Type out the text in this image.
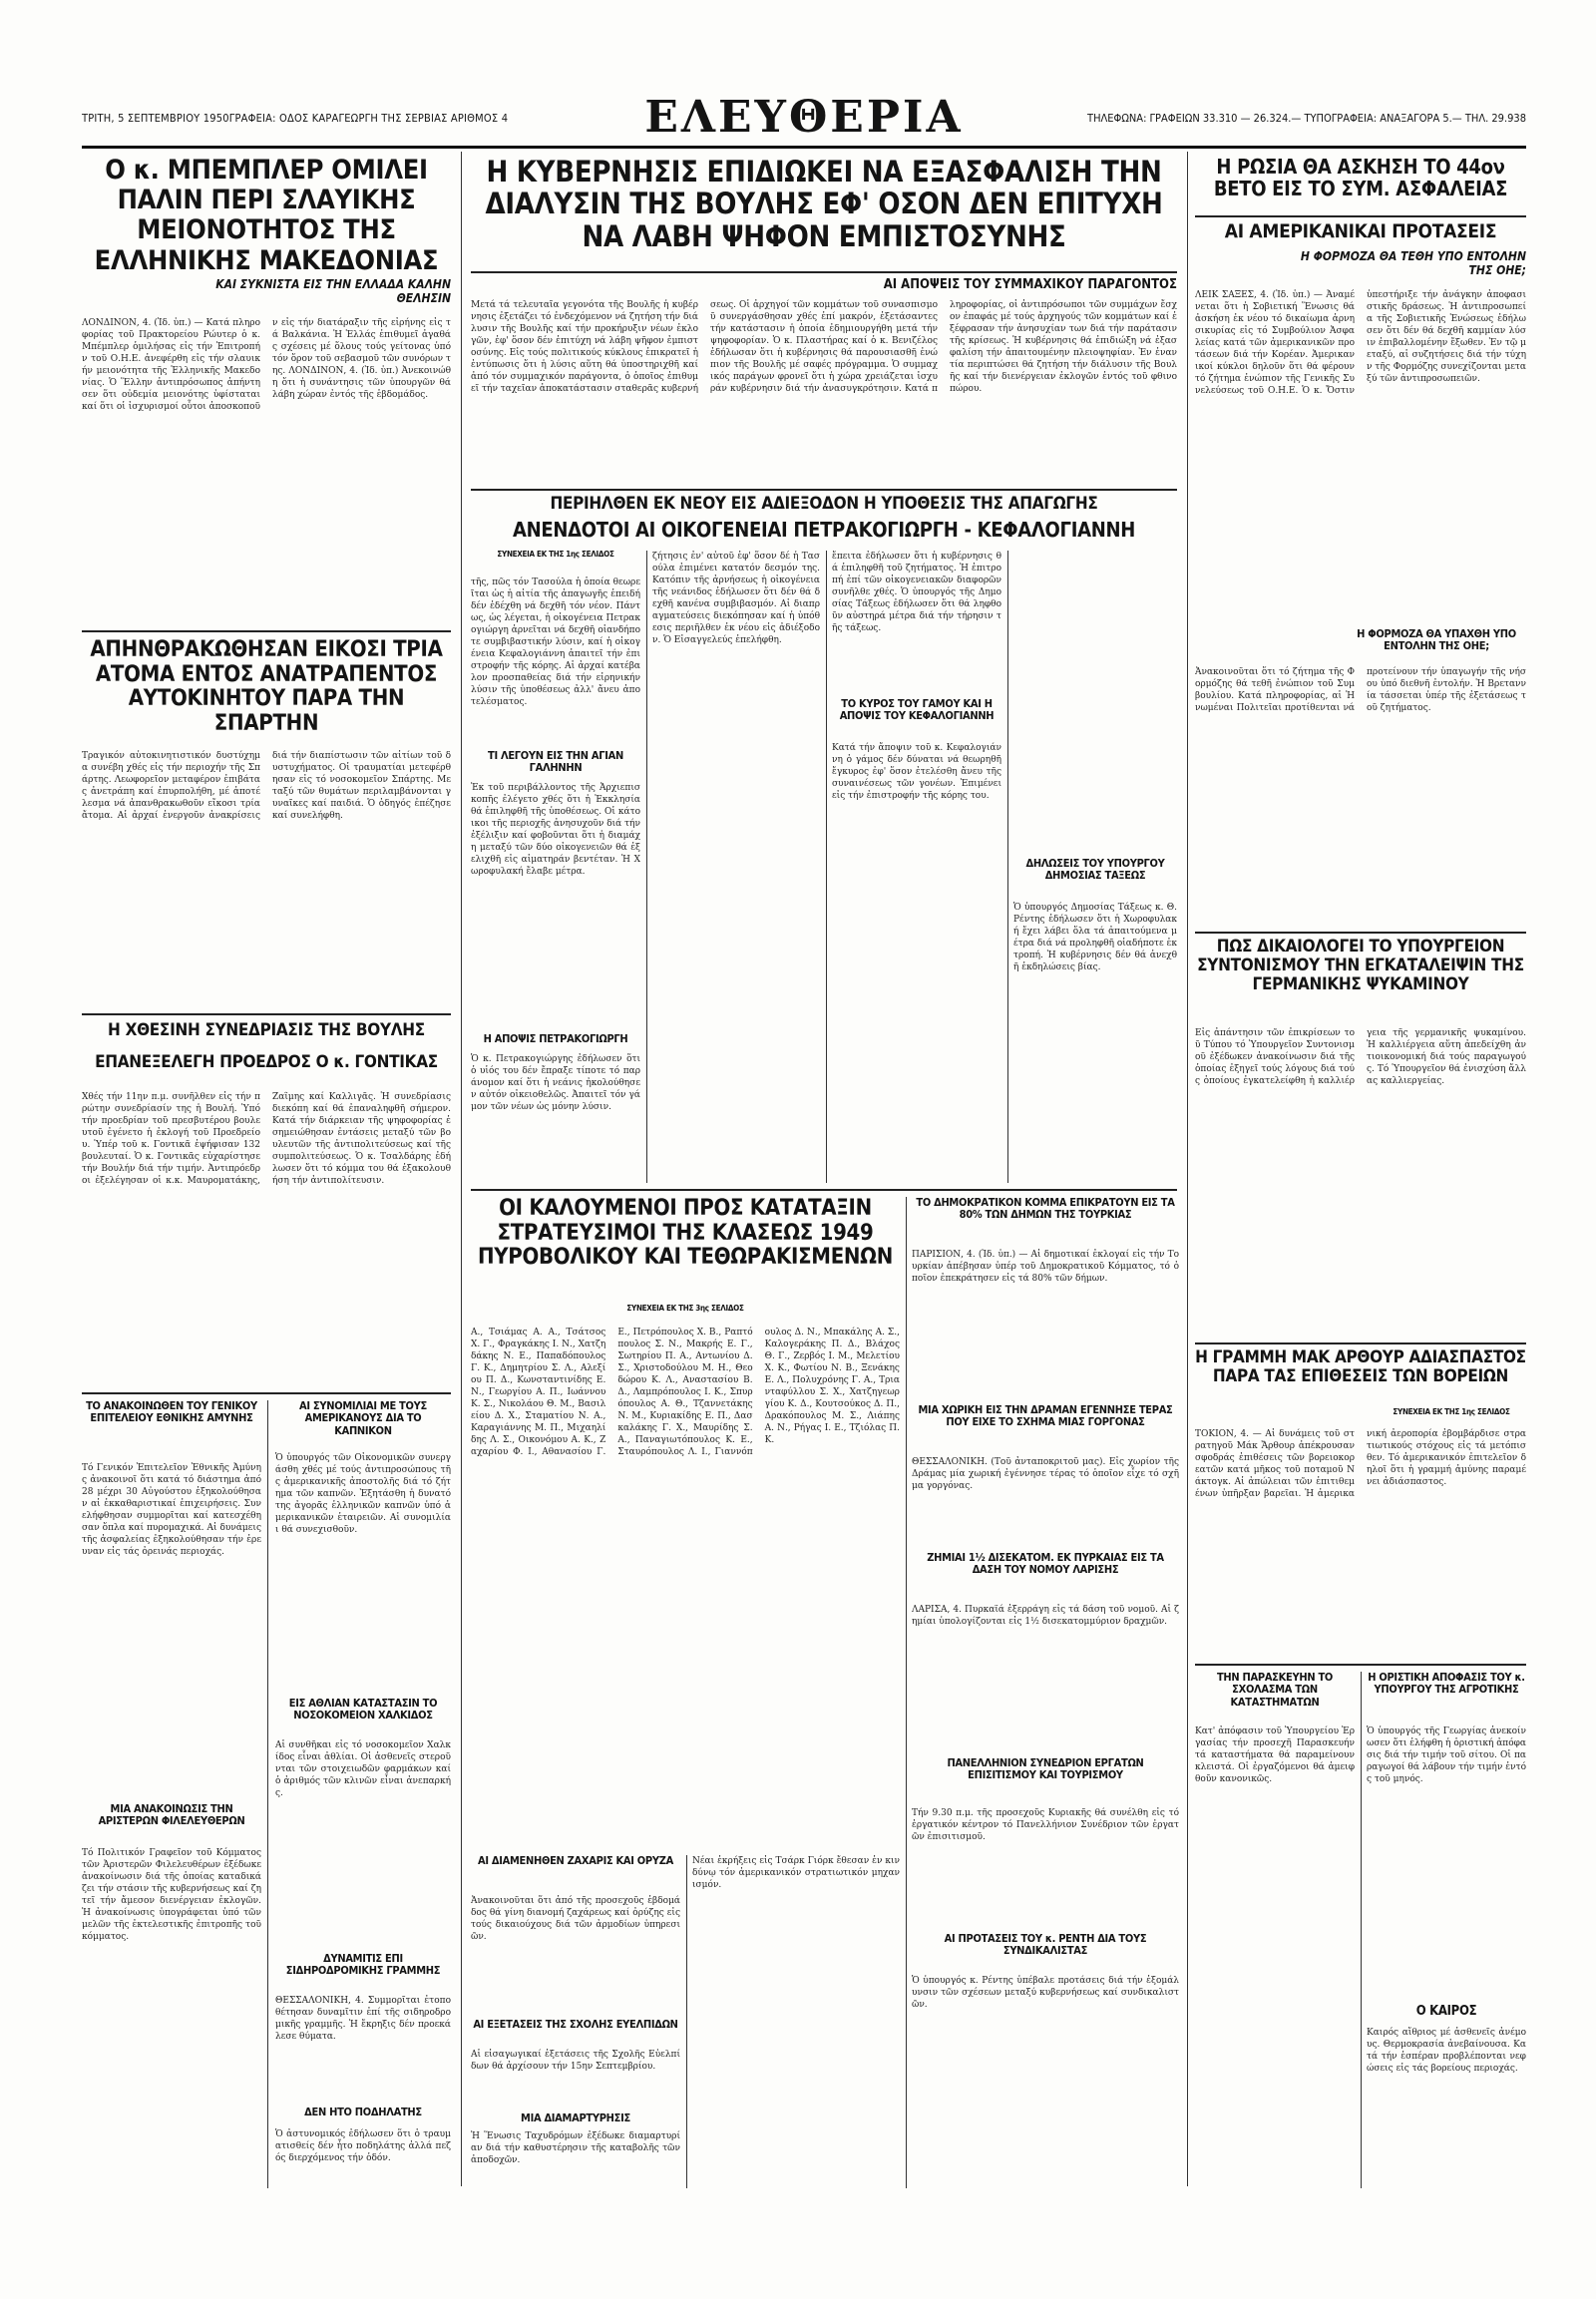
ΤΡΙΤΗ, 5 ΣΕΠΤΕΜΒΡΙΟΥ 1950ΓΡΑΦΕΙΑ: ΟΔΟΣ ΚΑΡΑΓΕΩΡΓΗ ΤΗΣ ΣΕΡΒΙΑΣ ΑΡΙΘΜΟΣ 4	ΕΛΕΥΘΕΡΙΑ	ΤΗΛΕΦΩΝΑ: ΓΡΑΦΕΙΩΝ 33.310 — 26.324.— ΤΥΠΟΓΡΑΦΕΙΑ: ΑΝΑΞΑΓΟΡΑ 5.— ΤΗΛ. 29.938
Ο κ. ΜΠΕΜΠΛΕΡ ΟΜΙΛΕΙ ΠΑΛΙΝ ΠΕΡΙ ΣΛΑΥΙΚΗΣ ΜΕΙΟΝΟΤΗΤΟΣ ΤΗΣ ΕΛΛΗΝΙΚΗΣ ΜΑΚΕΔΟΝΙΑΣ
ΚΑΙ ΣΥΚΝΙΣΤΑ ΕΙΣ ΤΗΝ ΕΛΛΑΔΑ ΚΑΛΗΝ ΘΕΛΗΣΙΝ
ΛΟΝΔΙΝΟΝ, 4. (Ἰδ. ὑπ.) — Κατά πληροφορίας τοῦ Πρακτορείου Ρώυτερ ὁ κ. Μπέμπλερ ὁμιλήσας εἰς τήν Ἐπιτροπήν τοῦ Ο.Η.Ε. ἀνεφέρθη εἰς τήν σλαυικήν μειονότητα τῆς Ἑλληνικῆς Μακεδονίας. Ὁ Ἕλλην ἀντιπρόσωπος ἀπήντησεν ὅτι οὐδεμία μειονότης ὑφίσταται καί ὅτι οἱ ἰσχυρισμοί οὗτοι ἀποσκοποῦν εἰς τήν διατάραξιν τῆς εἰρήνης εἰς τά Βαλκάνια. Ἡ Ἑλλάς ἐπιθυμεῖ ἀγαθάς σχέσεις μέ ὅλους τούς γείτονας ὑπό τόν ὅρον τοῦ σεβασμοῦ τῶν συνόρων της. ΛΟΝΔΙΝΟΝ, 4. (Ἰδ. ὑπ.) Ἀνεκοινώθη ὅτι ἡ συνάντησις τῶν ὑπουργῶν θά λάβη χώραν ἐντός τῆς ἑβδομάδος.
ΑΠΗΝΘΡΑΚΩΘΗΣΑΝ ΕΙΚΟΣΙ ΤΡΙΑ ΑΤΟΜΑ ΕΝΤΟΣ ΑΝΑΤΡΑΠΕΝΤΟΣ ΑΥΤΟΚΙΝΗΤΟΥ ΠΑΡΑ ΤΗΝ ΣΠΑΡΤΗΝ
Τραγικόν αὐτοκινητιστικόν δυστύχημα συνέβη χθές εἰς τήν περιοχήν τῆς Σπάρτης. Λεωφορεῖον μεταφέρον ἐπιβάτας ἀνετράπη καί ἐπυρπολήθη, μέ ἀποτέλεσμα νά ἀπανθρακωθοῦν εἴκοσι τρία ἄτομα. Αἱ ἀρχαί ἐνεργοῦν ἀνακρίσεις διά τήν διαπίστωσιν τῶν αἰτίων τοῦ δυστυχήματος. Οἱ τραυματίαι μετεφέρθησαν εἰς τό νοσοκομεῖον Σπάρτης. Μεταξύ τῶν θυμάτων περιλαμβάνονται γυναῖκες καί παιδιά. Ὁ ὁδηγός ἐπέζησε καί συνελήφθη.
Η ΧΘΕΣΙΝΗ ΣΥΝΕΔΡΙΑΣΙΣ ΤΗΣ ΒΟΥΛΗΣ
ΕΠΑΝΕΞΕΛΕΓΗ ΠΡΟΕΔΡΟΣ Ο κ. ΓΟΝΤΙΚΑΣ
Χθές τήν 11ην π.μ. συνῆλθεν εἰς τήν πρώτην συνεδρίασίν της ἡ Βουλή. Ὑπό τήν προεδρίαν τοῦ πρεσβυτέρου βουλευτοῦ ἐγένετο ἡ ἐκλογή τοῦ Προεδρείου. Ὑπέρ τοῦ κ. Γοντικᾶ ἐψήφισαν 132 βουλευταί. Ὁ κ. Γοντικᾶς εὐχαρίστησε τήν Βουλήν διά τήν τιμήν. Ἀντιπρόεδροι ἐξελέγησαν οἱ κ.κ. Μαυροματάκης, Ζαΐμης καί Καλλιγᾶς. Ἡ συνεδρίασις διεκόπη καί θά ἐπαναληφθῆ σήμερον. Κατά τήν διάρκειαν τῆς ψηφοφορίας ἐσημειώθησαν ἐντάσεις μεταξύ τῶν βουλευτῶν τῆς ἀντιπολιτεύσεως καί τῆς συμπολιτεύσεως. Ὁ κ. Τσαλδάρης ἐδήλωσεν ὅτι τό κόμμα του θά ἐξακολουθήση τήν ἀντιπολίτευσιν.
ΤΟ ΑΝΑΚΟΙΝΩΘΕΝ ΤΟΥ ΓΕΝΙΚΟΥ ΕΠΙΤΕΛΕΙΟΥ ΕΘΝΙΚΗΣ ΑΜΥΝΗΣ
Τό Γενικόν Ἐπιτελεῖον Ἐθνικῆς Ἀμύνης ἀνακοινοῖ ὅτι κατά τό διάστημα ἀπό 28 μέχρι 30 Αὐγούστου ἐξηκολούθησαν αἱ ἐκκαθαριστικαί ἐπιχειρήσεις. Συνελήφθησαν συμμορῖται καί κατεσχέθησαν ὅπλα καί πυρομαχικά. Αἱ δυνάμεις τῆς ἀσφαλείας ἐξηκολούθησαν τήν ἐρευναν εἰς τάς ὀρεινάς περιοχάς.
ΜΙΑ ΑΝΑΚΟΙΝΩΣΙΣ ΤΗΝ ΑΡΙΣΤΕΡΩΝ ΦΙΛΕΛΕΥΘΕΡΩΝ
Τό Πολιτικόν Γραφεῖον τοῦ Κόμματος τῶν Ἀριστερῶν Φιλελευθέρων ἐξέδωκε ἀνακοίνωσιν διά τῆς ὁποίας καταδικάζει τήν στάσιν τῆς κυβερνήσεως καί ζητεῖ τήν ἄμεσον διενέργειαν ἐκλογῶν. Ἡ ἀνακοίνωσις ὑπογράφεται ὑπό τῶν μελῶν τῆς ἐκτελεστικῆς ἐπιτροπῆς τοῦ κόμματος.
ΑΙ ΣΥΝΟΜΙΛΙΑΙ ΜΕ ΤΟΥΣ ΑΜΕΡΙΚΑΝΟΥΣ ΔΙΑ ΤΟ ΚΑΠΝΙΚΟΝ
Ὁ ὑπουργός τῶν Οἰκονομικῶν συνεργάσθη χθές μέ τούς ἀντιπροσώπους τῆς ἀμερικανικῆς ἀποστολῆς διά τό ζήτημα τῶν καπνῶν. Ἐξητάσθη ἡ δυνατότης ἀγορᾶς ἑλληνικῶν καπνῶν ὑπό ἀμερικανικῶν ἑταιρειῶν. Αἱ συνομιλίαι θά συνεχισθοῦν.
ΕΙΣ ΑΘΛΙΑΝ ΚΑΤΑΣΤΑΣΙΝ ΤΟ ΝΟΣΟΚΟΜΕΙΟΝ ΧΑΛΚΙΔΟΣ
Αἱ συνθῆκαι εἰς τό νοσοκομεῖον Χαλκίδος εἶναι ἀθλίαι. Οἱ ἀσθενεῖς στεροῦνται τῶν στοιχειωδῶν φαρμάκων καί ὁ ἀριθμός τῶν κλινῶν εἶναι ἀνεπαρκής.
ΔΥΝΑΜΙΤΙΣ ΕΠΙ ΣΙΔΗΡΟΔΡΟΜΙΚΗΣ ΓΡΑΜΜΗΣ
ΘΕΣΣΑΛΟΝΙΚΗ, 4. Συμμορῖται ἐτοποθέτησαν δυναμῖτιν ἐπί τῆς σιδηροδρομικῆς γραμμῆς. Ἡ ἔκρηξις δέν προεκάλεσε θύματα.
ΔΕΝ ΗΤΟ ΠΟΔΗΛΑΤΗΣ
Ὁ ἀστυνομικός ἐδήλωσεν ὅτι ὁ τραυματισθείς δέν ἦτο ποδηλάτης ἀλλά πεζός διερχόμενος τήν ὁδόν.
Η ΚΥΒΕΡΝΗΣΙΣ ΕΠΙΔΙΩΚΕΙ ΝΑ ΕΞΑΣΦΑΛΙΣΗ ΤΗΝ ΔΙΑΛΥΣΙΝ ΤΗΣ ΒΟΥΛΗΣ ΕΦ' ΟΣΟΝ ΔΕΝ ΕΠΙΤΥΧΗ ΝΑ ΛΑΒΗ ΨΗΦΟΝ ΕΜΠΙΣΤΟΣΥΝΗΣ
ΑΙ ΑΠΟΨΕΙΣ ΤΟΥ ΣΥΜΜΑΧΙΚΟΥ ΠΑΡΑΓΟΝΤΟΣ
Μετά τά τελευταῖα γεγονότα τῆς Βουλῆς ἡ κυβέρνησις ἐξετάζει τό ἐνδεχόμενον νά ζητήση τήν διάλυσιν τῆς Βουλῆς καί τήν προκήρυξιν νέων ἐκλογῶν, ἐφ' ὅσον δέν ἐπιτύχη νά λάβη ψῆφον ἐμπιστοσύνης. Εἰς τούς πολιτικούς κύκλους ἐπικρατεῖ ἡ ἐντύπωσις ὅτι ἡ λύσις αὕτη θά ὑποστηριχθῆ καί ἀπό τόν συμμαχικόν παράγοντα, ὁ ὁποῖος ἐπιθυμεῖ τήν ταχεῖαν ἀποκατάστασιν σταθερᾶς κυβερνήσεως. Οἱ ἀρχηγοί τῶν κομμάτων τοῦ συνασπισμοῦ συνεργάσθησαν χθές ἐπί μακρόν, ἐξετάσαντες τήν κατάστασιν ἡ ὁποία ἐδημιουργήθη μετά τήν ψηφοφορίαν. Ὁ κ. Πλαστήρας καί ὁ κ. Βενιζέλος ἐδήλωσαν ὅτι ἡ κυβέρνησις θά παρουσιασθῆ ἐνώπιον τῆς Βουλῆς μέ σαφές πρόγραμμα. Ὁ συμμαχικός παράγων φρονεῖ ὅτι ἡ χώρα χρειάζεται ἰσχυράν κυβέρνησιν διά τήν ἀνασυγκρότησιν. Κατά πληροφορίας, οἱ ἀντιπρόσωποι τῶν συμμάχων ἔσχον ἐπαφάς μέ τούς ἀρχηγούς τῶν κομμάτων καί ἐξέφρασαν τήν ἀνησυχίαν των διά τήν παράτασιν τῆς κρίσεως. Ἡ κυβέρνησις θά ἐπιδιώξη νά ἐξασφαλίση τήν ἀπαιτουμένην πλειοψηφίαν. Ἐν ἐναντία περιπτώσει θά ζητήση τήν διάλυσιν τῆς Βουλῆς καί τήν διενέργειαν ἐκλογῶν ἐντός τοῦ φθινοπώρου.
ΠΕΡΙΗΛΘΕΝ ΕΚ ΝΕΟΥ ΕΙΣ ΑΔΙΕΞΟΔΟΝ Η ΥΠΟΘΕΣΙΣ ΤΗΣ ΑΠΑΓΩΓΗΣ
ΑΝΕΝΔΟΤΟΙ ΑΙ ΟΙΚΟΓΕΝΕΙΑΙ ΠΕΤΡΑΚΟΓΙΩΡΓΗ - ΚΕΦΑΛΟΓΙΑΝΝΗ
ΣΥΝΕΧΕΙΑ ΕΚ ΤΗΣ 1ης ΣΕΛΙΔΟΣ
τῆς, πῶς τόν Τασούλα ἡ ὁποία θεωρεῖται ὡς ἡ αἰτία τῆς ἀπαγωγῆς ἐπειδή δέν ἐδέχθη νά δεχθῆ τόν νέον. Πάντως, ὡς λέγεται, ἡ οἰκογένεια Πετρακογιώργη ἀρνεῖται νά δεχθῆ οἱανδήποτε συμβιβαστικήν λύσιν, καί ἡ οἰκογένεια Κεφαλογιάννη ἀπαιτεῖ τήν ἐπιστροφήν τῆς κόρης. Αἱ ἀρχαί κατέβαλον προσπαθείας διά τήν εἰρηνικήν λύσιν τῆς ὑποθέσεως ἀλλ' ἄνευ ἀποτελέσματος.
ΤΙ ΛΕΓΟΥΝ ΕΙΣ ΤΗΝ ΑΓΙΑΝ ΓΑΛΗΝΗΝ
Ἐκ τοῦ περιβάλλοντος τῆς Ἀρχιεπισκοπῆς ἐλέγετο χθές ὅτι ἡ Ἐκκλησία θά ἐπιληφθῆ τῆς ὑποθέσεως. Οἱ κάτοικοι τῆς περιοχῆς ἀνησυχοῦν διά τήν ἐξέλιξιν καί φοβοῦνται ὅτι ἡ διαμάχη μεταξύ τῶν δύο οἰκογενειῶν θά ἐξελιχθῆ εἰς αἱματηράν βεντέταν. Ἡ Χωροφυλακή ἔλαβε μέτρα.
Η ΑΠΟΨΙΣ ΠΕΤΡΑΚΟΓΙΩΡΓΗ
Ὁ κ. Πετρακογιώργης ἐδήλωσεν ὅτι ὁ υἱός του δέν ἔπραξε τίποτε τό παράνομον καί ὅτι ἡ νεάνις ἠκολούθησεν αὐτόν οἰκειοθελῶς. Ἀπαιτεῖ τόν γάμον τῶν νέων ὡς μόνην λύσιν.
ζήτησις ἐν' αὐτοῦ ἐφ' ὅσον δέ ἡ Τασούλα ἐπιμένει κατατόν δεσμόν της. Κατόπιν τῆς ἀρνήσεως ἡ οἰκογένεια τῆς νεάνιδος ἐδήλωσεν ὅτι δέν θά δεχθῆ κανένα συμβιβασμόν. Αἱ διαπραγματεύσεις διεκόπησαν καί ἡ ὑπόθεσις περιῆλθεν ἐκ νέου εἰς ἀδιέξοδον. Ὁ Εἰσαγγελεύς ἐπελήφθη.
ΤΟ ΚΥΡΟΣ ΤΟΥ ΓΑΜΟΥ ΚΑΙ Η ΑΠΟΨΙΣ ΤΟΥ ΚΕΦΑΛΟΓΙΑΝΝΗ
ἔπειτα ἐδήλωσεν ὅτι ἡ κυβέρνησις θά ἐπιληφθῆ τοῦ ζητήματος. Ἡ ἐπιτροπή ἐπί τῶν οἰκογενειακῶν διαφορῶν συνῆλθε χθές. Ὁ ὑπουργός τῆς Δημοσίας Τάξεως ἐδήλωσεν ὅτι θά ληφθοῦν αὐστηρά μέτρα διά τήν τήρησιν τῆς τάξεως.
Κατά τήν ἄποψιν τοῦ κ. Κεφαλογιάννη ὁ γάμος δέν δύναται νά θεωρηθῆ ἔγκυρος ἐφ' ὅσον ἐτελέσθη ἄνευ τῆς συναινέσεως τῶν γονέων. Ἐπιμένει εἰς τήν ἐπιστροφήν τῆς κόρης του.
ΔΗΛΩΣΕΙΣ ΤΟΥ ΥΠΟΥΡΓΟΥ ΔΗΜΟΣΙΑΣ ΤΑΞΕΩΣ
Ὁ ὑπουργός Δημοσίας Τάξεως κ. Θ. Ρέντης ἐδήλωσεν ὅτι ἡ Χωροφυλακή ἔχει λάβει ὅλα τά ἀπαιτούμενα μέτρα διά νά προληφθῆ οἱαδήποτε ἐκτροπή. Ἡ κυβέρνησις δέν θά ἀνεχθῆ ἐκδηλώσεις βίας.
ΟΙ ΚΑΛΟΥΜΕΝΟΙ ΠΡΟΣ ΚΑΤΑΤΑΞΙΝ ΣΤΡΑΤΕΥΣΙΜΟΙ ΤΗΣ ΚΛΑΣΕΩΣ 1949 ΠΥΡΟΒΟΛΙΚΟΥ ΚΑΙ ΤΕΘΩΡΑΚΙΣΜΕΝΩΝ
ΣΥΝΕΧΕΙΑ ΕΚ ΤΗΣ 3ης ΣΕΛΙΔΟΣ
Α., Τσιάμας Α. Α., Τσάτσος Χ. Γ., Φραγκάκης Ι. Ν., Χατζηδάκης Ν. Ε., Παπαδόπουλος Γ. Κ., Δημητρίου Σ. Λ., Αλεξίου Π. Δ., Κωνσταντινίδης Ε. Ν., Γεωργίου Α. Π., Ιωάννου Κ. Σ., Νικολάου Θ. Μ., Βασιλείου Δ. Χ., Σταματίου Ν. Α., Καραγιάννης Μ. Π., Μιχαηλίδης Λ. Σ., Οικονόμου Α. Κ., Ζαχαρίου Φ. Ι., Αθανασίου Γ. Ε., Πετρόπουλος Χ. Β., Ραπτόπουλος Σ. Ν., Μακρής Ε. Γ., Σωτηρίου Π. Α., Αντωνίου Δ. Σ., Χριστοδούλου Μ. Η., Θεοδώρου Κ. Λ., Αναστασίου Β. Δ., Λαμπρόπουλος Ι. Κ., Σπυρόπουλος Α. Θ., Τζαννετάκης Ν. Μ., Κυριακίδης Ε. Π., Δασκαλάκης Γ. Χ., Μαυρίδης Σ. Α., Παναγιωτόπουλος Κ. Ε., Σταυρόπουλος Λ. Ι., Γιαννόπουλος Δ. Ν., Μπακάλης Α. Σ., Καλογεράκης Π. Δ., Βλάχος Θ. Γ., Ζερβός Ι. Μ., Μελετίου Χ. Κ., Φωτίου Ν. Β., Ξενάκης Ε. Λ., Πολυχρόνης Γ. Α., Τριανταφύλλου Σ. Χ., Χατζηγεωργίου Κ. Δ., Κουτσούκος Δ. Π., Δρακόπουλος Μ. Σ., Λιάπης Α. Ν., Ρήγας Ι. Ε., Τζιόλας Π. Κ.
ΑΙ ΔΙΑΜΕΝΗΘΕΝ ΖΑΧΑΡΙΣ ΚΑΙ ΟΡΥΖΑ
Ἀνακοινοῦται ὅτι ἀπό τῆς προσεχοῦς ἑβδομάδος θά γίνη διανομή ζαχάρεως καί ὀρύζης εἰς τούς δικαιούχους διά τῶν ἀρμοδίων ὑπηρεσιῶν.
ΑΙ ΕΞΕΤΑΣΕΙΣ ΤΗΣ ΣΧΟΛΗΣ ΕΥΕΛΠΙΔΩΝ
Αἱ εἰσαγωγικαί ἐξετάσεις τῆς Σχολῆς Εὐελπίδων θά ἀρχίσουν τήν 15ην Σεπτεμβρίου.
ΜΙΑ ΔΙΑΜΑΡΤΥΡΗΣΙΣ
Ἡ Ἕνωσις Ταχυδρόμων ἐξέδωκε διαμαρτυρίαν διά τήν καθυστέρησιν τῆς καταβολῆς τῶν ἀποδοχῶν.
Νέαι ἐκρήξεις εἰς Τσάρκ Γιόρκ ἔθεσαν ἐν κινδύνῳ τόν ἀμερικανικόν στρατιωτικόν μηχανισμόν.
ΤΟ ΔΗΜΟΚΡΑΤΙΚΟΝ ΚΟΜΜΑ ΕΠΙΚΡΑΤΟΥΝ ΕΙΣ ΤΑ 80% ΤΩΝ ΔΗΜΩΝ ΤΗΣ ΤΟΥΡΚΙΑΣ
ΠΑΡΙΣΙΟΝ, 4. (Ἰδ. ὑπ.) — Αἱ δημοτικαί ἐκλογαί εἰς τήν Τουρκίαν ἀπέβησαν ὑπέρ τοῦ Δημοκρατικοῦ Κόμματος, τό ὁποῖον ἐπεκράτησεν εἰς τά 80% τῶν δήμων.
ΜΙΑ ΧΩΡΙΚΗ ΕΙΣ ΤΗΝ ΔΡΑΜΑΝ ΕΓΕΝΝΗΣΕ ΤΕΡΑΣ ΠΟΥ ΕΙΧΕ ΤΟ ΣΧΗΜΑ ΜΙΑΣ ΓΟΡΓΟΝΑΣ
ΘΕΣΣΑΛΟΝΙΚΗ. (Τοῦ ἀνταποκριτοῦ μας). Εἰς χωρίον τῆς Δράμας μία χωρική ἐγέννησε τέρας τό ὁποῖον εἶχε τό σχῆμα γοργόνας.
ΖΗΜΙΑΙ 1½ ΔΙΣΕΚΑΤΟΜ. ΕΚ ΠΥΡΚΑΙΑΣ ΕΙΣ ΤΑ ΔΑΣΗ ΤΟΥ ΝΟΜΟΥ ΛΑΡΙΣΗΣ
ΛΑΡΙΣΑ, 4. Πυρκαϊά ἐξερράγη εἰς τά δάση τοῦ νομοῦ. Αἱ ζημίαι ὑπολογίζονται εἰς 1½ δισεκατομμύριον δραχμῶν.
ΠΑΝΕΛΛΗΝΙΟΝ ΣΥΝΕΔΡΙΟΝ ΕΡΓΑΤΩΝ ΕΠΙΣΙΤΙΣΜΟΥ ΚΑΙ ΤΟΥΡΙΣΜΟΥ
Τήν 9.30 π.μ. τῆς προσεχοῦς Κυριακῆς θά συνέλθη εἰς τό ἐργατικόν κέντρον τό Πανελλήνιον Συνέδριον τῶν ἐργατῶν ἐπισιτισμοῦ.
ΑΙ ΠΡΟΤΑΣΕΙΣ ΤΟΥ κ. ΡΕΝΤΗ ΔΙΑ ΤΟΥΣ ΣΥΝΔΙΚΑΛΙΣΤΑΣ
Ὁ ὑπουργός κ. Ρέντης ὑπέβαλε προτάσεις διά τήν ἐξομάλυνσιν τῶν σχέσεων μεταξύ κυβερνήσεως καί συνδικαλιστῶν.
Η ΡΩΣΙΑ ΘΑ ΑΣΚΗΣΗ ΤΟ 44ον ΒΕΤΟ ΕΙΣ ΤΟ ΣΥΜ. ΑΣΦΑΛΕΙΑΣ
ΑΙ ΑΜΕΡΙΚΑΝΙΚΑΙ ΠΡΟΤΑΣΕΙΣ
Η ΦΟΡΜΟΖΑ ΘΑ ΤΕΘΗ ΥΠΟ ΕΝΤΟΛΗΝ ΤΗΣ ΟΗΕ;
ΛΕΙΚ ΣΑΞΕΣ, 4. (Ἰδ. ὑπ.) — Ἀναμένεται ὅτι ἡ Σοβιετική Ἕνωσις θά ἀσκήση ἐκ νέου τό δικαίωμα ἀρνησικυρίας εἰς τό Συμβούλιον Ἀσφαλείας κατά τῶν ἀμερικανικῶν προτάσεων διά τήν Κορέαν. Ἀμερικανικοί κύκλοι δηλοῦν ὅτι θά φέρουν τό ζήτημα ἐνώπιον τῆς Γενικῆς Συνελεύσεως τοῦ Ο.Η.Ε. Ὁ κ. Ὄστιν ὑπεστήριξε τήν ἀνάγκην ἀποφασιστικῆς δράσεως. Ἡ ἀντιπροσωπεία τῆς Σοβιετικῆς Ἑνώσεως ἐδήλωσεν ὅτι δέν θά δεχθῆ καμμίαν λύσιν ἐπιβαλλομένην ἔξωθεν. Ἐν τῷ μεταξύ, αἱ συζητήσεις διά τήν τύχην τῆς Φορμόζης συνεχίζονται μεταξύ τῶν ἀντιπροσωπειῶν.
Η ΦΟΡΜΟΖΑ ΘΑ ΥΠΑΧΘΗ ΥΠΟ ΕΝΤΟΛΗΝ ΤΗΣ ΟΗΕ;
Ἀνακοινοῦται ὅτι τό ζήτημα τῆς Φορμόζης θά τεθῆ ἐνώπιον τοῦ Συμβουλίου. Κατά πληροφορίας, αἱ Ἡνωμέναι Πολιτεῖαι προτίθενται νά προτείνουν τήν ὑπαγωγήν τῆς νήσου ὑπό διεθνῆ ἐντολήν. Ἡ Βρεταννία τάσσεται ὑπέρ τῆς ἐξετάσεως τοῦ ζητήματος.
ΠΩΣ ΔΙΚΑΙΟΛΟΓΕΙ ΤΟ ΥΠΟΥΡΓΕΙΟΝ ΣΥΝΤΟΝΙΣΜΟΥ ΤΗΝ ΕΓΚΑΤΑΛΕΙΨΙΝ ΤΗΣ ΓΕΡΜΑΝΙΚΗΣ ΨΥΚΑΜΙΝΟΥ
Εἰς ἀπάντησιν τῶν ἐπικρίσεων τοῦ Τύπου τό Ὑπουργεῖον Συντονισμοῦ ἐξέδωκεν ἀνακοίνωσιν διά τῆς ὁποίας ἐξηγεῖ τούς λόγους διά τούς ὁποίους ἐγκατελείφθη ἡ καλλιέργεια τῆς γερμανικῆς ψυκαμίνου. Ἡ καλλιέργεια αὕτη ἀπεδείχθη ἀντιοικονομική διά τούς παραγωγούς. Τό Ὑπουργεῖον θά ἐνισχύση ἄλλας καλλιεργείας.
Η ΓΡΑΜΜΗ ΜΑΚ ΑΡΘΟΥΡ ΑΔΙΑΣΠΑΣΤΟΣ ΠΑΡΑ ΤΑΣ ΕΠΙΘΕΣΕΙΣ ΤΩΝ ΒΟΡΕΙΩΝ
ΣΥΝΕΧΕΙΑ ΕΚ ΤΗΣ 1ης ΣΕΛΙΔΟΣ
ΤΟΚΙΟΝ, 4. — Αἱ δυνάμεις τοῦ στρατηγοῦ Μάκ Ἄρθουρ ἀπέκρουσαν σφοδράς ἐπιθέσεις τῶν βορειοκορεατῶν κατά μῆκος τοῦ ποταμοῦ Νάκτογκ. Αἱ ἀπώλειαι τῶν ἐπιτιθεμένων ὑπῆρξαν βαρεῖαι. Ἡ ἀμερικανική ἀεροπορία ἐβομβάρδισε στρατιωτικούς στόχους εἰς τά μετόπισθεν. Τό ἀμερικανικόν ἐπιτελεῖον δηλοῖ ὅτι ἡ γραμμή ἀμύνης παραμένει ἀδιάσπαστος.
ΤΗΝ ΠΑΡΑΣΚΕΥΗΝ ΤΟ ΣΧΟΛΑΣΜΑ ΤΩΝ ΚΑΤΑΣΤΗΜΑΤΩΝ
Κατ' ἀπόφασιν τοῦ Ὑπουργείου Ἐργασίας τήν προσεχῆ Παρασκευήν τά καταστήματα θά παραμείνουν κλειστά. Οἱ ἐργαζόμενοι θά ἀμειφθοῦν κανονικῶς.
Η ΟΡΙΣΤΙΚΗ ΑΠΟΦΑΣΙΣ ΤΟΥ κ. ΥΠΟΥΡΓΟΥ ΤΗΣ ΑΓΡΟΤΙΚΗΣ
Ὁ ὑπουργός τῆς Γεωργίας ἀνεκοίνωσεν ὅτι ἐλήφθη ἡ ὁριστική ἀπόφασις διά τήν τιμήν τοῦ σίτου. Οἱ παραγωγοί θά λάβουν τήν τιμήν ἐντός τοῦ μηνός.
Ο ΚΑΙΡΟΣ
Καιρός αἴθριος μέ ἀσθενεῖς ἀνέμους. Θερμοκρασία ἀνεβαίνουσα. Κατά τήν ἑσπέραν προβλέπονται νεφώσεις εἰς τάς βορείους περιοχάς.
